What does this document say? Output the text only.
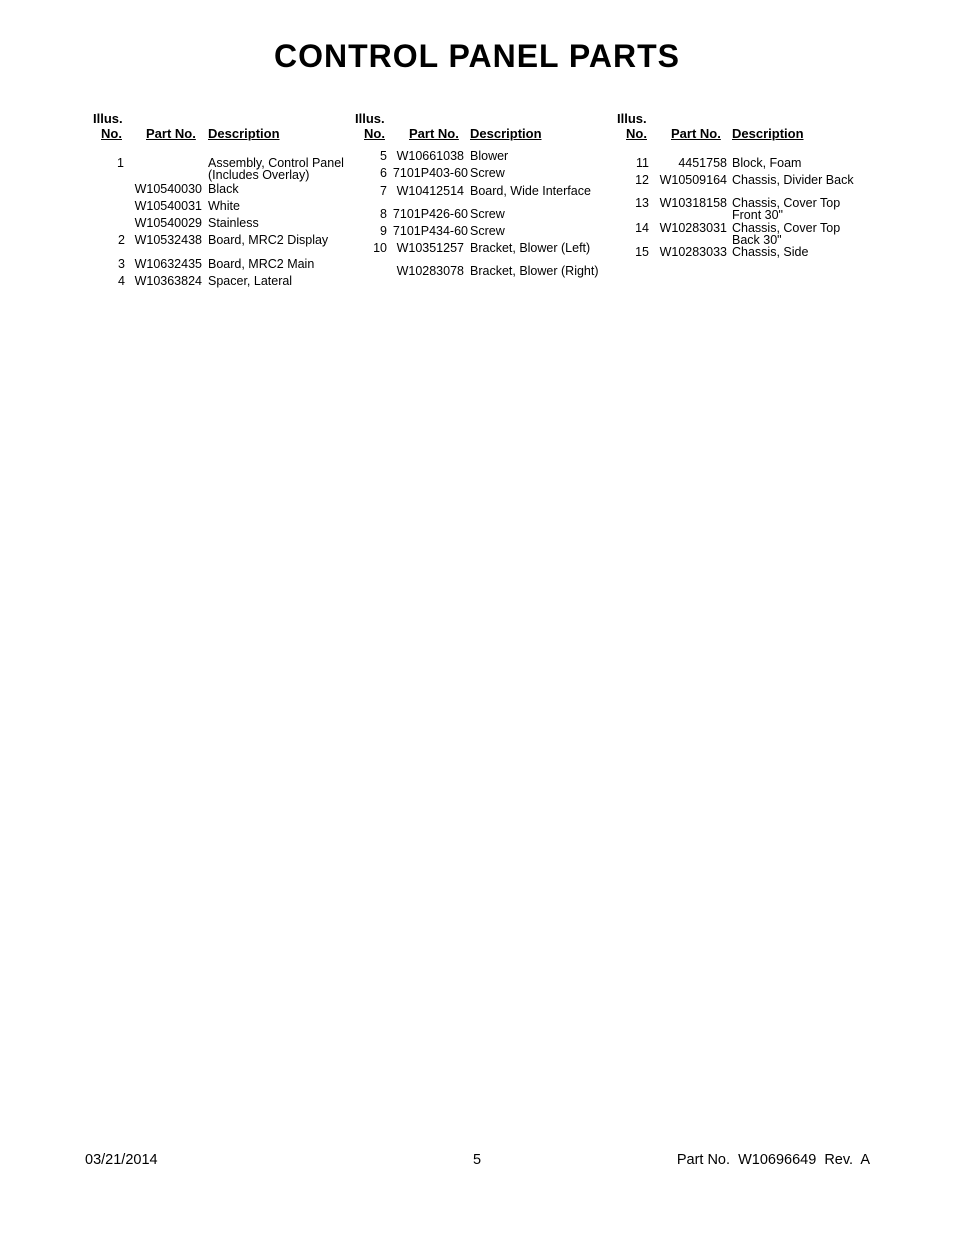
CONTROL PANEL PARTS
Illus.
No. Part No. Description
1	Assembly, Control Panel
(Includes Overlay)
W10540030 Black
W10540031 White
W10540029 Stainless
2 W10532438 Board, MRC2 Display
3 W10632435 Board, MRC2 Main
4 W10363824 Spacer, Lateral
Illus.
No. Part No. Description
5 W10661038 Blower
6 7101P403-60 Screw
7 W10412514 Board, Wide Interface
8 7101P426-60 Screw
9 7101P434-60 Screw
10 W10351257 Bracket, Blower (Left)
W10283078 Bracket, Blower (Right)
Illus.
No. Part No. Description
11	4451758 Block, Foam
12 W10509164 Chassis, Divider Back
13 W10318158 Chassis, Cover Top
Front 30"
14 W10283031 Chassis, Cover Top
Back 30"
15 W10283033 Chassis, Side
03/21/2014	5	Part No.  W10696649  Rev.  A
